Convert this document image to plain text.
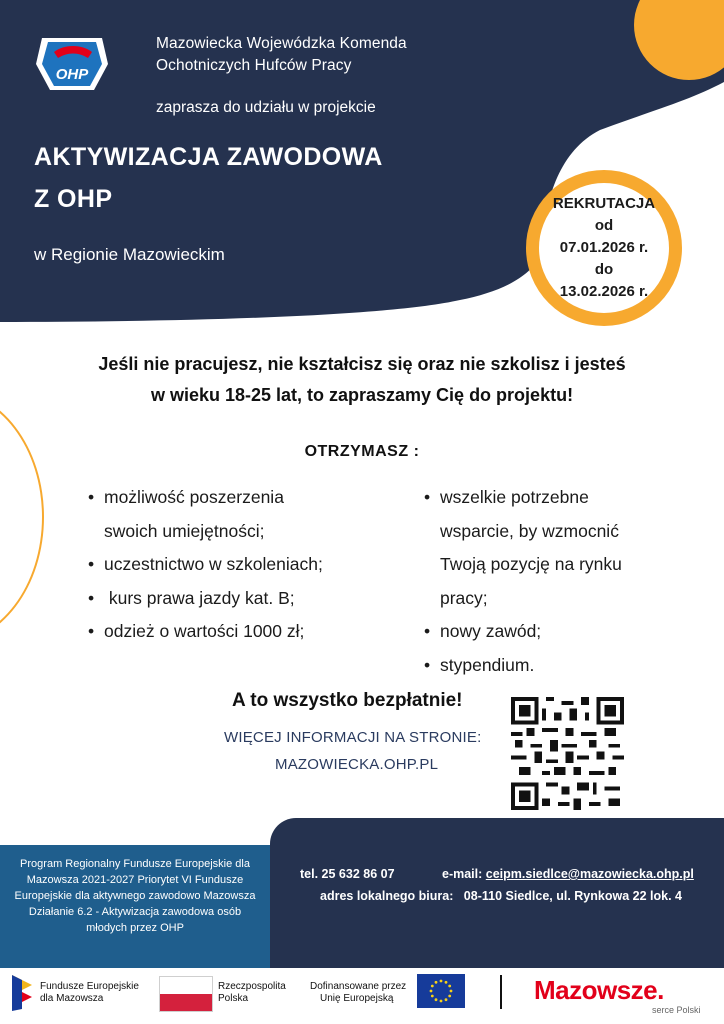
OHP
Mazowiecka Wojewódzka Komenda
Ochotniczych Hufców Pracy
zaprasza do udziału w projekcie
AKTYWIZACJA ZAWODOWA
Z OHP
w Regionie Mazowieckim
REKRUTACJA
od
07.01.2026 r.
do
13.02.2026 r.
Jeśli nie pracujesz, nie kształcisz się oraz nie szkolisz i jesteś
w wieku 18-25 lat, to zapraszamy Cię do projektu!
OTRZYMASZ :
• możliwość poszerzenia
swoich umiejętności;
• uczestnictwo w szkoleniach;
•  kurs prawa jazdy kat. B;
• odzież o wartości 1000 zł;
• wszelkie potrzebne
wsparcie, by wzmocnić
Twoją pozycję na rynku
pracy;
• nowy zawód;
• stypendium.
A to wszystko bezpłatnie!
WIĘCEJ INFORMACJI NA STRONIE:
MAZOWIECKA.OHP.PL
Program Regionalny Fundusze Europejskie dla Mazowsza 2021-2027 Priorytet VI Fundusze Europejskie dla aktywnego zawodowo Mazowsza Działanie 6.2 - Aktywizacja zawodowa osób młodych przez OHP
tel. 25 632 86 07	e-mail: ceipm.siedlce@mazowiecka.ohp.pl
adres lokalnego biura: 08-110 Siedlce, ul. Rynkowa 22 lok. 4
Fundusze Europejskie
dla Mazowsza
Rzeczpospolita
Polska
Dofinansowane przez
Unię Europejską	Mazowsze.
serce Polski
